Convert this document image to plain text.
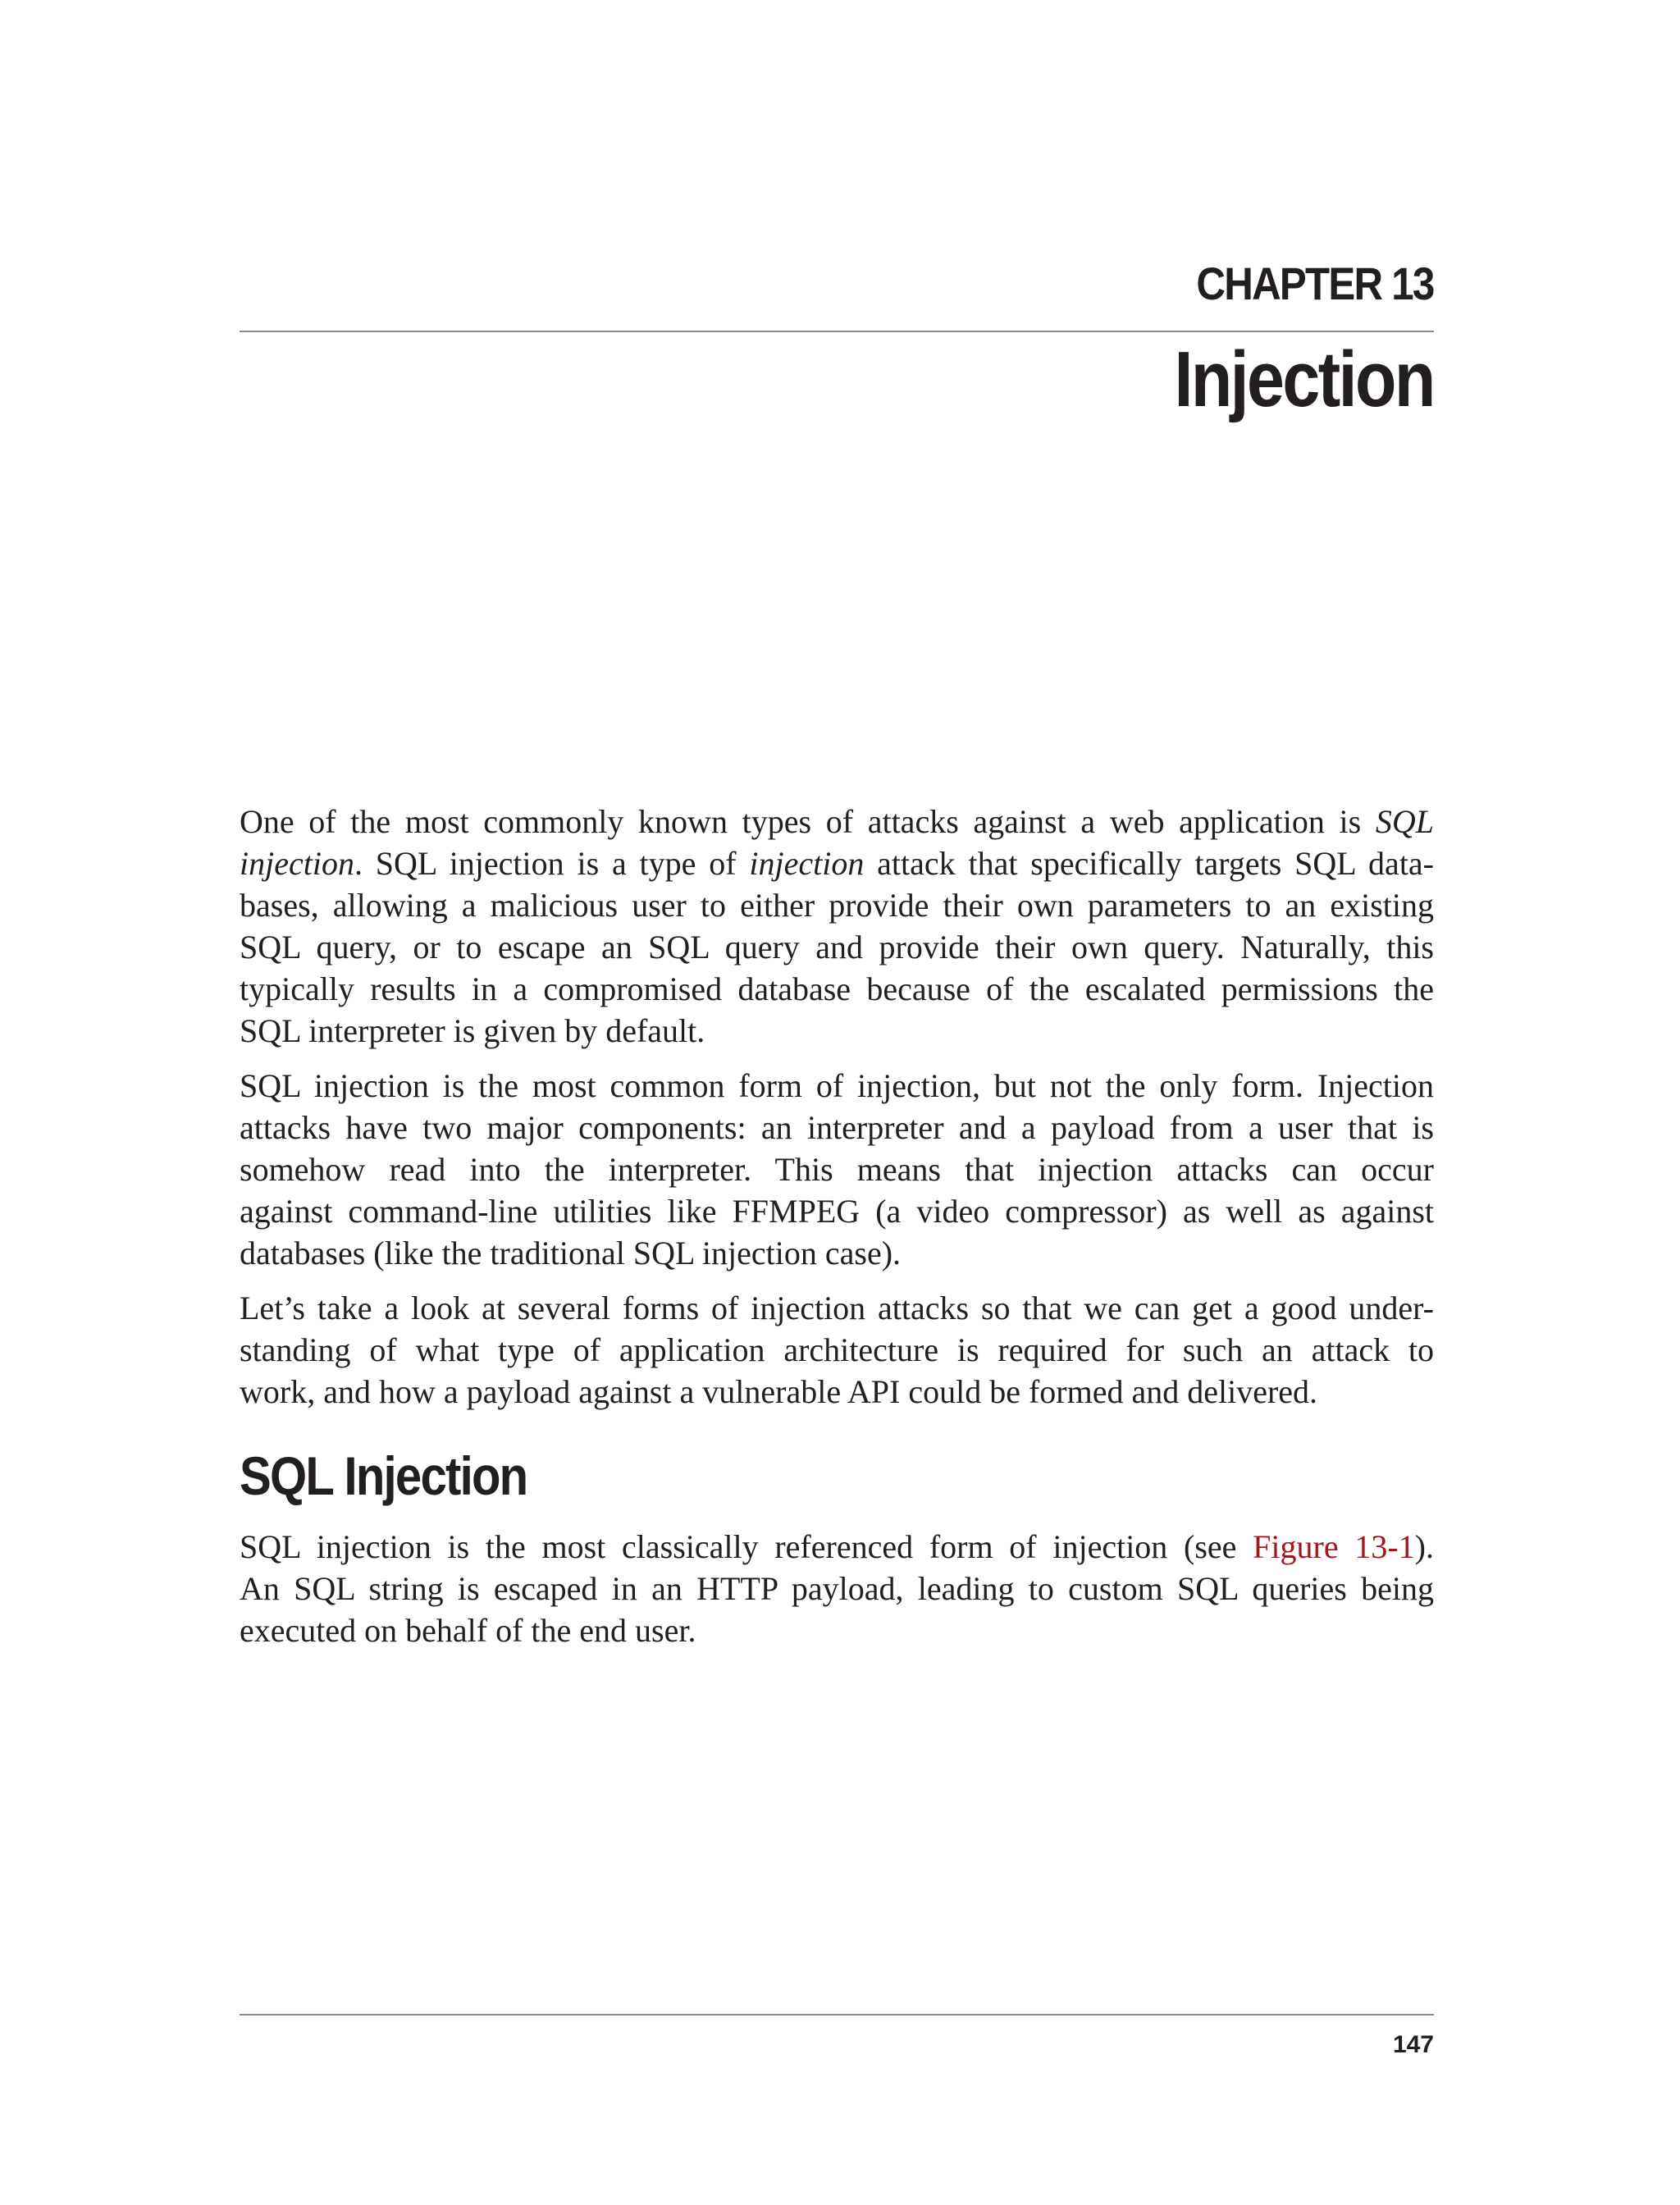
CHAPTER 13
Injection
One of the most commonly known types of attacks against a web application is SQL
injection. SQL injection is a type of injection attack that specifically targets SQL data-
bases, allowing a malicious user to either provide their own parameters to an existing
SQL query, or to escape an SQL query and provide their own query. Naturally, this
typically results in a compromised database because of the escalated permissions the
SQL interpreter is given by default.
SQL injection is the most common form of injection, but not the only form. Injection
attacks have two major components: an interpreter and a payload from a user that is
somehow read into the interpreter. This means that injection attacks can occur
against command-line utilities like FFMPEG (a video compressor) as well as against
databases (like the traditional SQL injection case).
Let’s take a look at several forms of injection attacks so that we can get a good under-
standing of what type of application architecture is required for such an attack to
work, and how a payload against a vulnerable API could be formed and delivered.
SQL Injection
SQL injection is the most classically referenced form of injection (see Figure 13-1).
An SQL string is escaped in an HTTP payload, leading to custom SQL queries being
executed on behalf of the end user.
147
